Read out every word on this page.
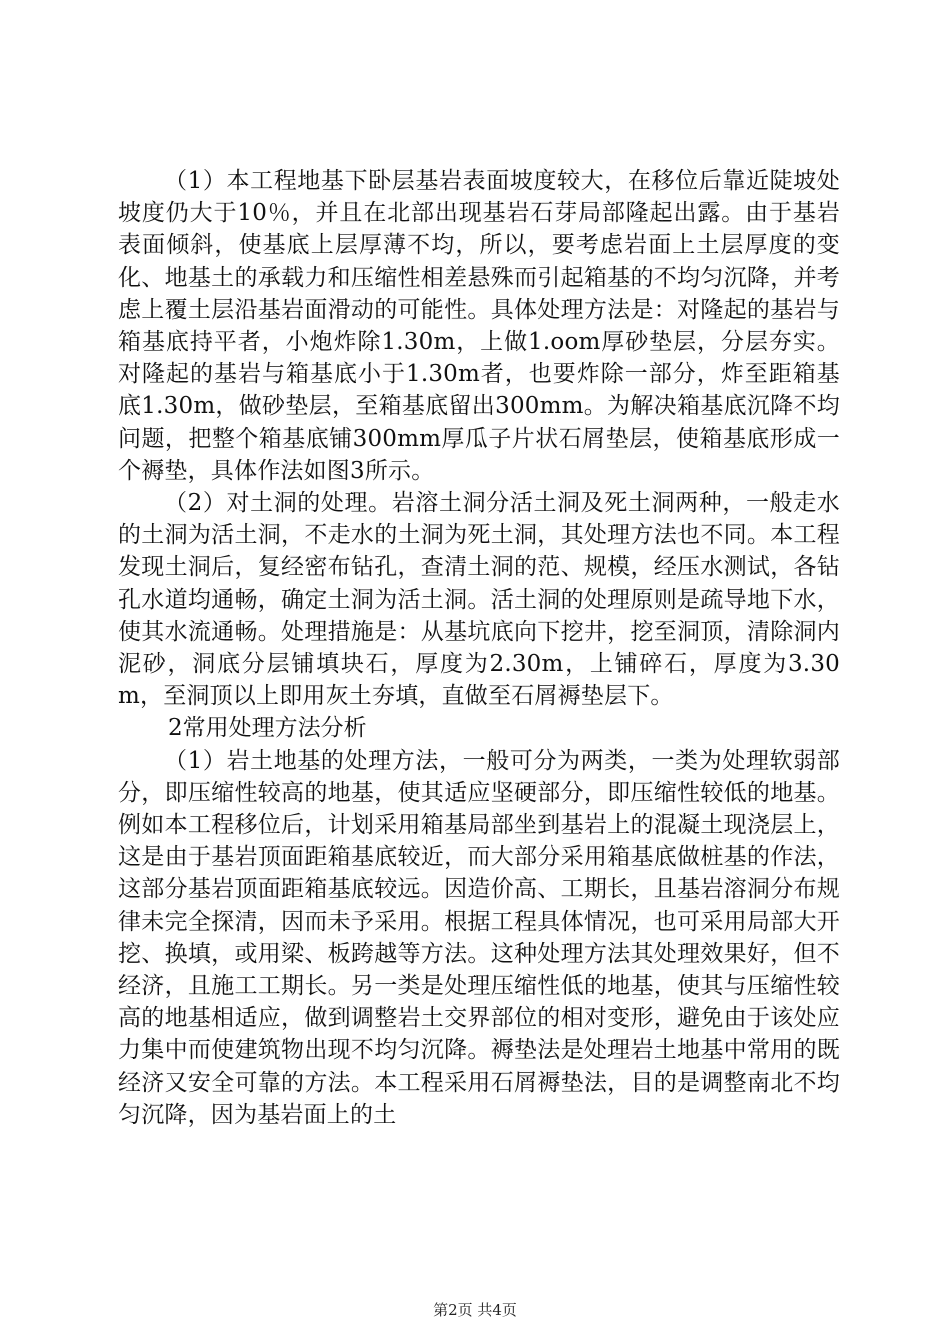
（1）本工程地基下卧层基岩表面坡度较大，在移位后靠近陡坡处坡度仍大于10％，并且在北部出现基岩石芽局部隆起出露。由于基岩表面倾斜，使基底上层厚薄不均，所以，要考虑岩面上土层厚度的变化、地基土的承载力和压缩性相差悬殊而引起箱基的不均匀沉降，并考虑上覆土层沿基岩面滑动的可能性。具体处理方法是：对隆起的基岩与箱基底持平者，小炮炸除1.30m，上做1.oom厚砂垫层，分层夯实。对隆起的基岩与箱基底小于1.30m者，也要炸除一部分，炸至距箱基底1.30m，做砂垫层，至箱基底留出300mm。为解决箱基底沉降不均问题，把整个箱基底铺300mm厚瓜子片状石屑垫层，使箱基底形成一个褥垫，具体作法如图3所示。

（2）对土洞的处理。岩溶土洞分活土洞及死土洞两种，一般走水的土洞为活土洞，不走水的土洞为死土洞，其处理方法也不同。本工程发现土洞后，复经密布钻孔，查清土洞的范、规模，经压水测试，各钻孔水道均通畅，确定土洞为活土洞。活土洞的处理原则是疏导地下水，使其水流通畅。处理措施是：从基坑底向下挖井，挖至洞顶，清除洞内泥砂，洞底分层铺填块石，厚度为2.30m，上铺碎石，厚度为3.30m，至洞顶以上即用灰土夯填，直做至石屑褥垫层下。

2常用处理方法分析

（1）岩土地基的处理方法，一般可分为两类，一类为处理软弱部分，即压缩性较高的地基，使其适应坚硬部分，即压缩性较低的地基。例如本工程移位后，计划采用箱基局部坐到基岩上的混凝土现浇层上，这是由于基岩顶面距箱基底较近，而大部分采用箱基底做桩基的作法，这部分基岩顶面距箱基底较远。因造价高、工期长，且基岩溶洞分布规律未完全探清，因而未予采用。根据工程具体情况，也可采用局部大开挖、换填，或用梁、板跨越等方法。这种处理方法其处理效果好，但不经济，且施工工期长。另一类是处理压缩性低的地基，使其与压缩性较高的地基相适应，做到调整岩土交界部位的相对变形，避免由于该处应力集中而使建筑物出现不均匀沉降。褥垫法是处理岩土地基中常用的既经济又安全可靠的方法。本工程采用石屑褥垫法，目的是调整南北不均匀沉降，因为基岩面上的土

第2页 共4页
